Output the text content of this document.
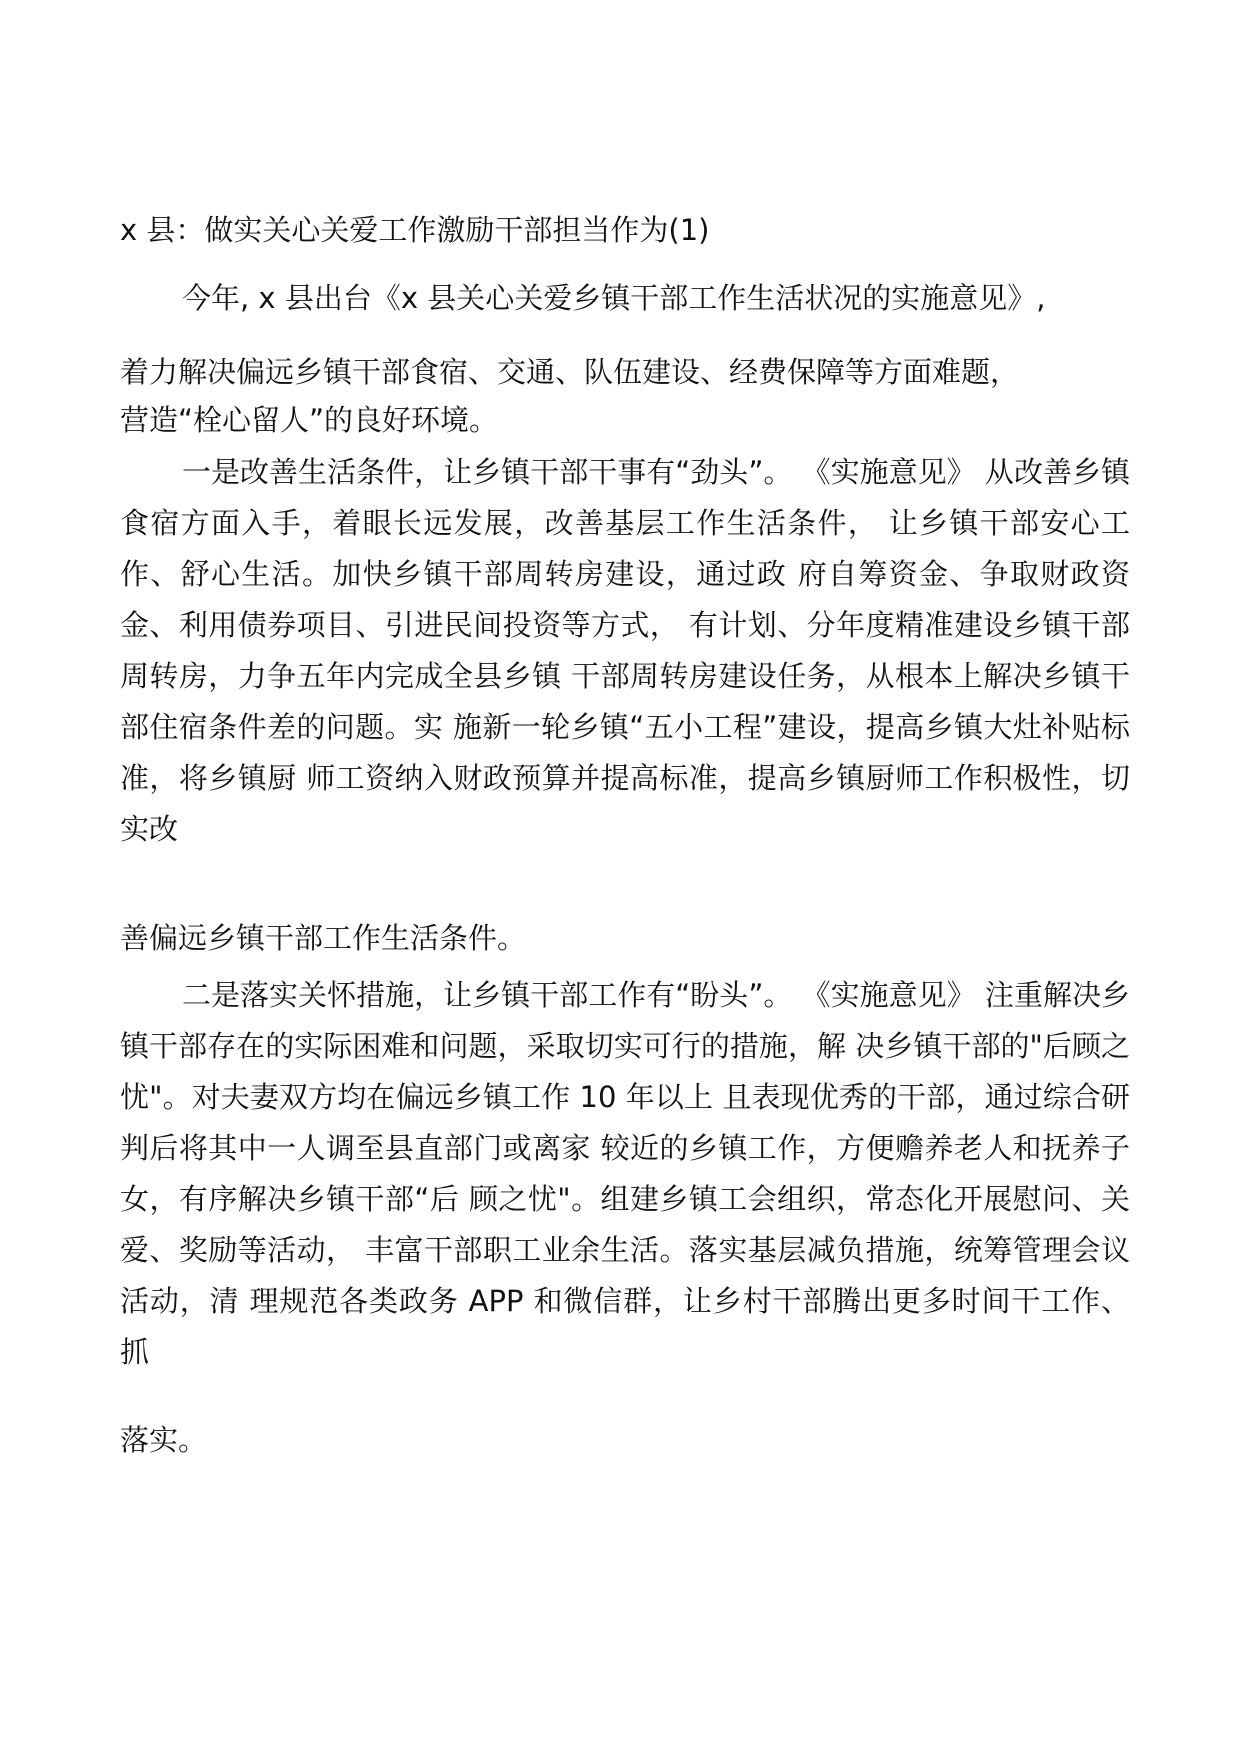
x 县：做实关心关爱工作激励干部担当作为(1)

今年, x 县出台《x 县关心关爱乡镇干部工作生活状况的实施意见》,

着力解决偏远乡镇干部食宿、交通、队伍建设、经费保障等方面难题，

营造“栓心留人”的良好环境。

一是改善生活条件，让乡镇干部干事有“劲头”。 《实施意见》 从改善乡镇食宿方面入手，着眼长远发展，改善基层工作生活条件， 让乡镇干部安心工作、舒心生活。加快乡镇干部周转房建设，通过政 府自筹资金、争取财政资金、利用债券项目、引进民间投资等方式， 有计划、分年度精准建设乡镇干部周转房，力争五年内完成全县乡镇 干部周转房建设任务，从根本上解决乡镇干部住宿条件差的问题。实 施新一轮乡镇“五小工程”建设，提高乡镇大灶补贴标准，将乡镇厨 师工资纳入财政预算并提高标准，提高乡镇厨师工作积极性，切实改

善偏远乡镇干部工作生活条件。

二是落实关怀措施，让乡镇干部工作有“盼头”。 《实施意见》 注重解决乡镇干部存在的实际困难和问题，采取切实可行的措施，解 决乡镇干部的"后顾之忧"。对夫妻双方均在偏远乡镇工作 10 年以上 且表现优秀的干部，通过综合研判后将其中一人调至县直部门或离家 较近的乡镇工作，方便赡养老人和抚养子女，有序解决乡镇干部“后 顾之忧"。组建乡镇工会组织，常态化开展慰问、关爱、奖励等活动， 丰富干部职工业余生活。落实基层减负措施，统筹管理会议活动，清 理规范各类政务 APP 和微信群，让乡村干部腾出更多时间干工作、抓

落实。
